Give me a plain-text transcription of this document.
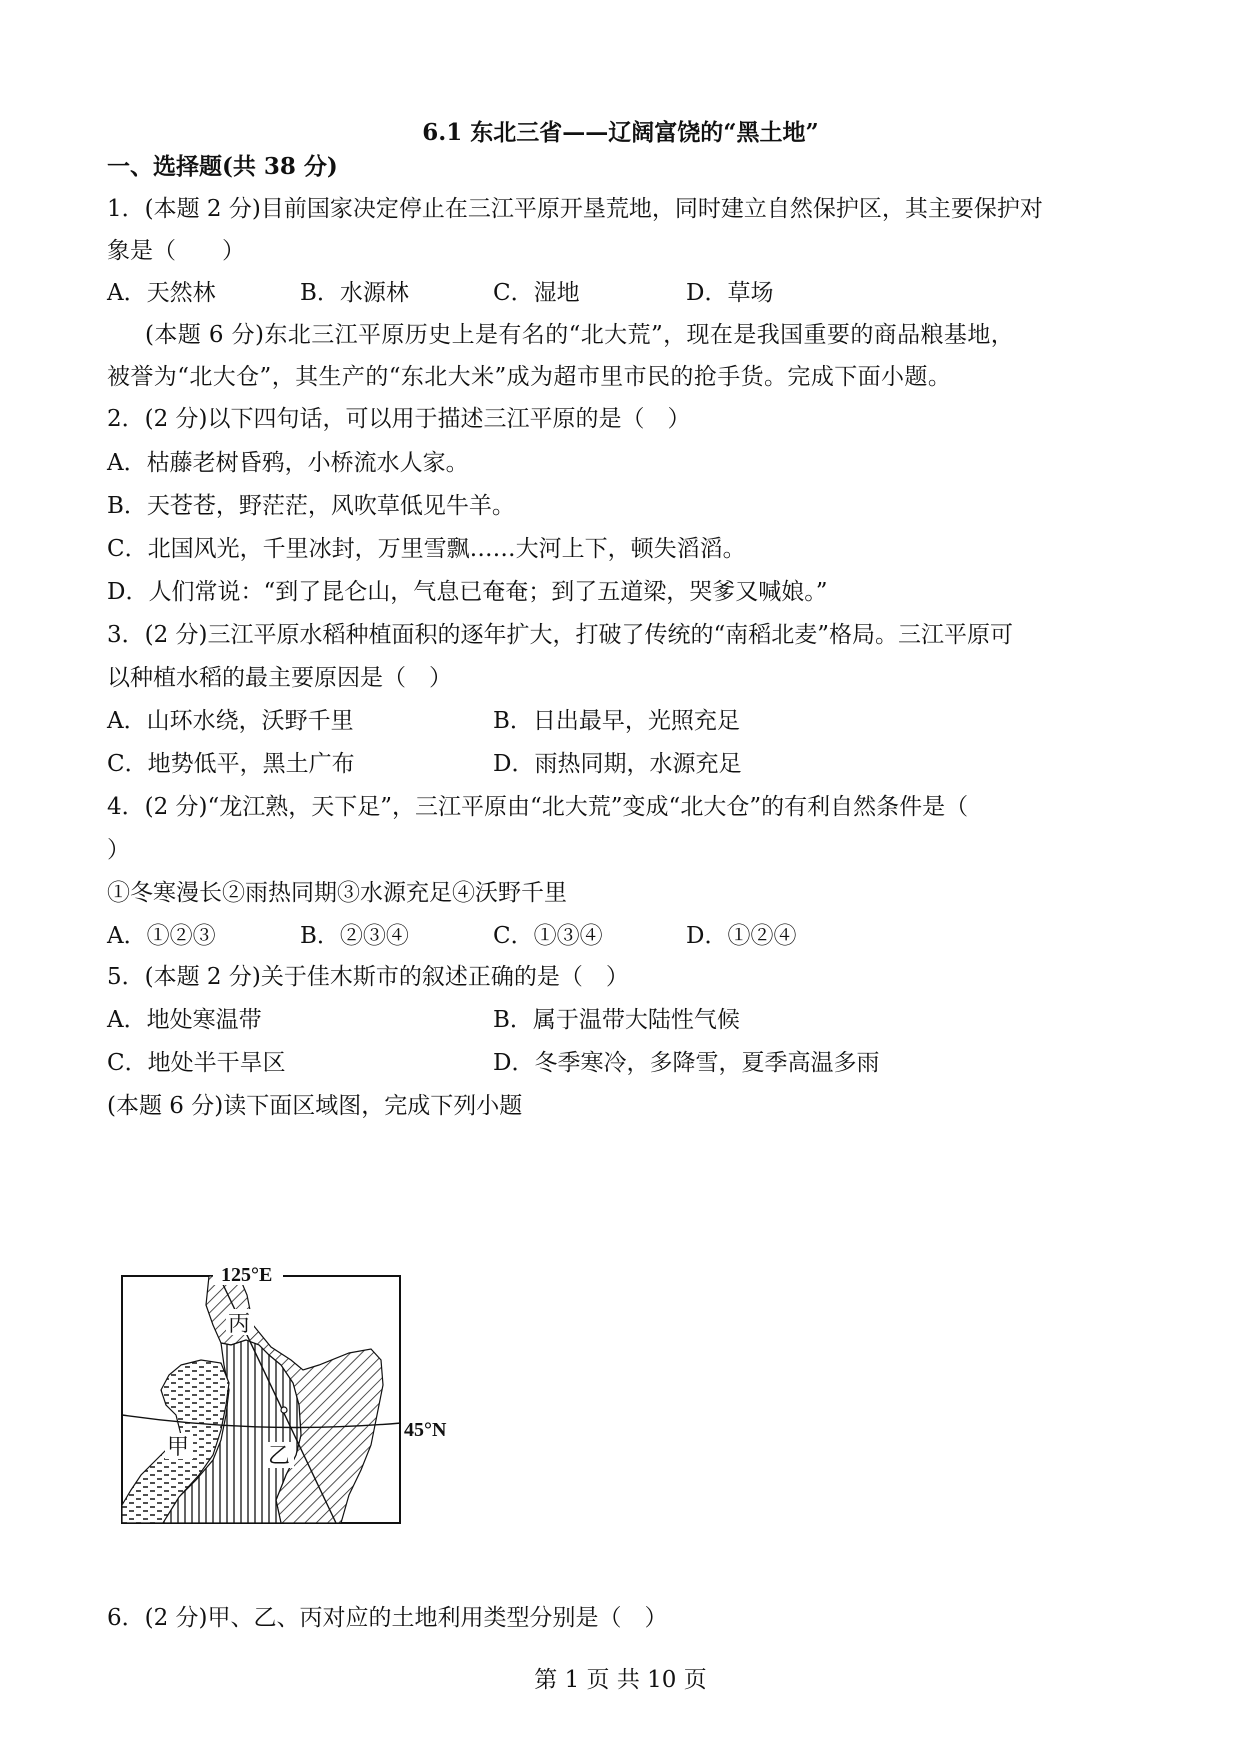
6.1 东北三省——辽阔富饶的“黑土地”
一、选择题(共 38 分)
1．(本题 2 分)目前国家决定停止在三江平原开垦荒地，同时建立自然保护区，其主要保护对
象是（　　）
A．天然林	B．水源林	C．湿地	D．草场
(本题 6 分)东北三江平原历史上是有名的“北大荒”，现在是我国重要的商品粮基地，
被誉为“北大仓”，其生产的“东北大米”成为超市里市民的抢手货。完成下面小题。
2．(2 分)以下四句话，可以用于描述三江平原的是（　）
A．枯藤老树昏鸦，小桥流水人家。
B．天苍苍，野茫茫，风吹草低见牛羊。
C．北国风光，千里冰封，万里雪飘……大河上下，顿失滔滔。
D．人们常说：“到了昆仑山，气息已奄奄；到了五道梁，哭爹又喊娘。”
3．(2 分)三江平原水稻种植面积的逐年扩大，打破了传统的“南稻北麦”格局。三江平原可
以种植水稻的最主要原因是（　）
A．山环水绕，沃野千里	B．日出最早，光照充足
C．地势低平，黑土广布	D．雨热同期，水源充足
4．(2 分)“龙江熟，天下足”，三江平原由“北大荒”变成“北大仓”的有利自然条件是（
）
①冬寒漫长②雨热同期③水源充足④沃野千里
A．①②③	B．②③④	C．①③④	D．①②④
5．(本题 2 分)关于佳木斯市的叙述正确的是（　）
A．地处寒温带	B．属于温带大陆性气候
C．地处半干旱区	D．冬季寒冷，多降雪，夏季高温多雨
(本题 6 分)读下面区域图，完成下列小题
125°E
45°N
丙
乙
甲
6．(2 分)甲、乙、丙对应的土地利用类型分别是（　）
第 1 页 共 10 页
